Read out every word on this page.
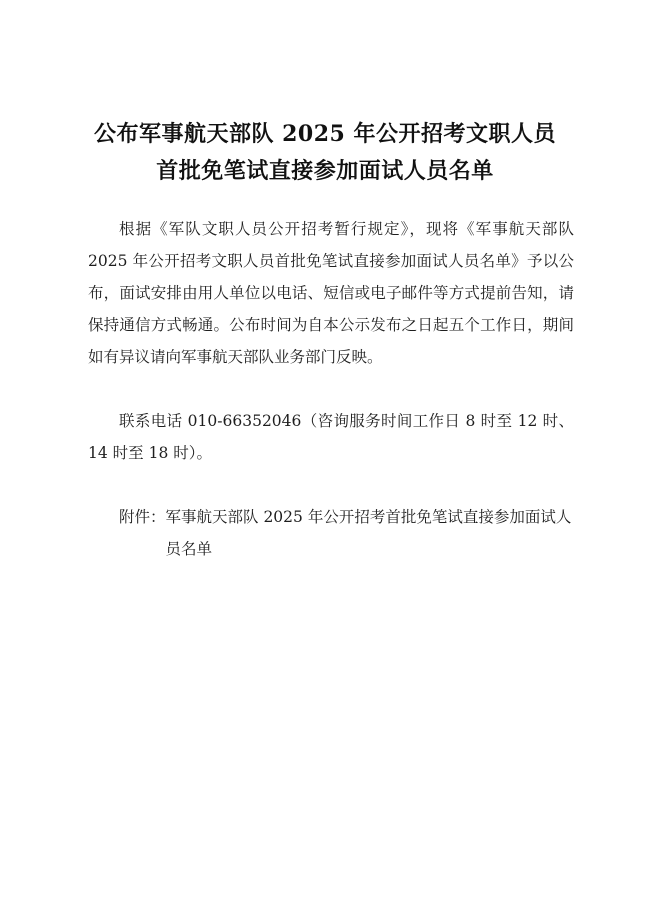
公布军事航天部队 2025 年公开招考文职人员
首批免笔试直接参加面试人员名单
根据《军队文职人员公开招考暂行规定》，现将《军事航天部队 2025 年公开招考文职人员首批免笔试直接参加面试人员名单》予以公布，面试安排由用人单位以电话、短信或电子邮件等方式提前告知，请保持通信方式畅通。公布时间为自本公示发布之日起五个工作日，期间如有异议请向军事航天部队业务部门反映。
联系电话 010-66352046（咨询服务时间工作日 8 时至 12 时、14 时至 18 时）。
附件： 军事航天部队 2025 年公开招考首批免笔试直接参加面试人员名单
